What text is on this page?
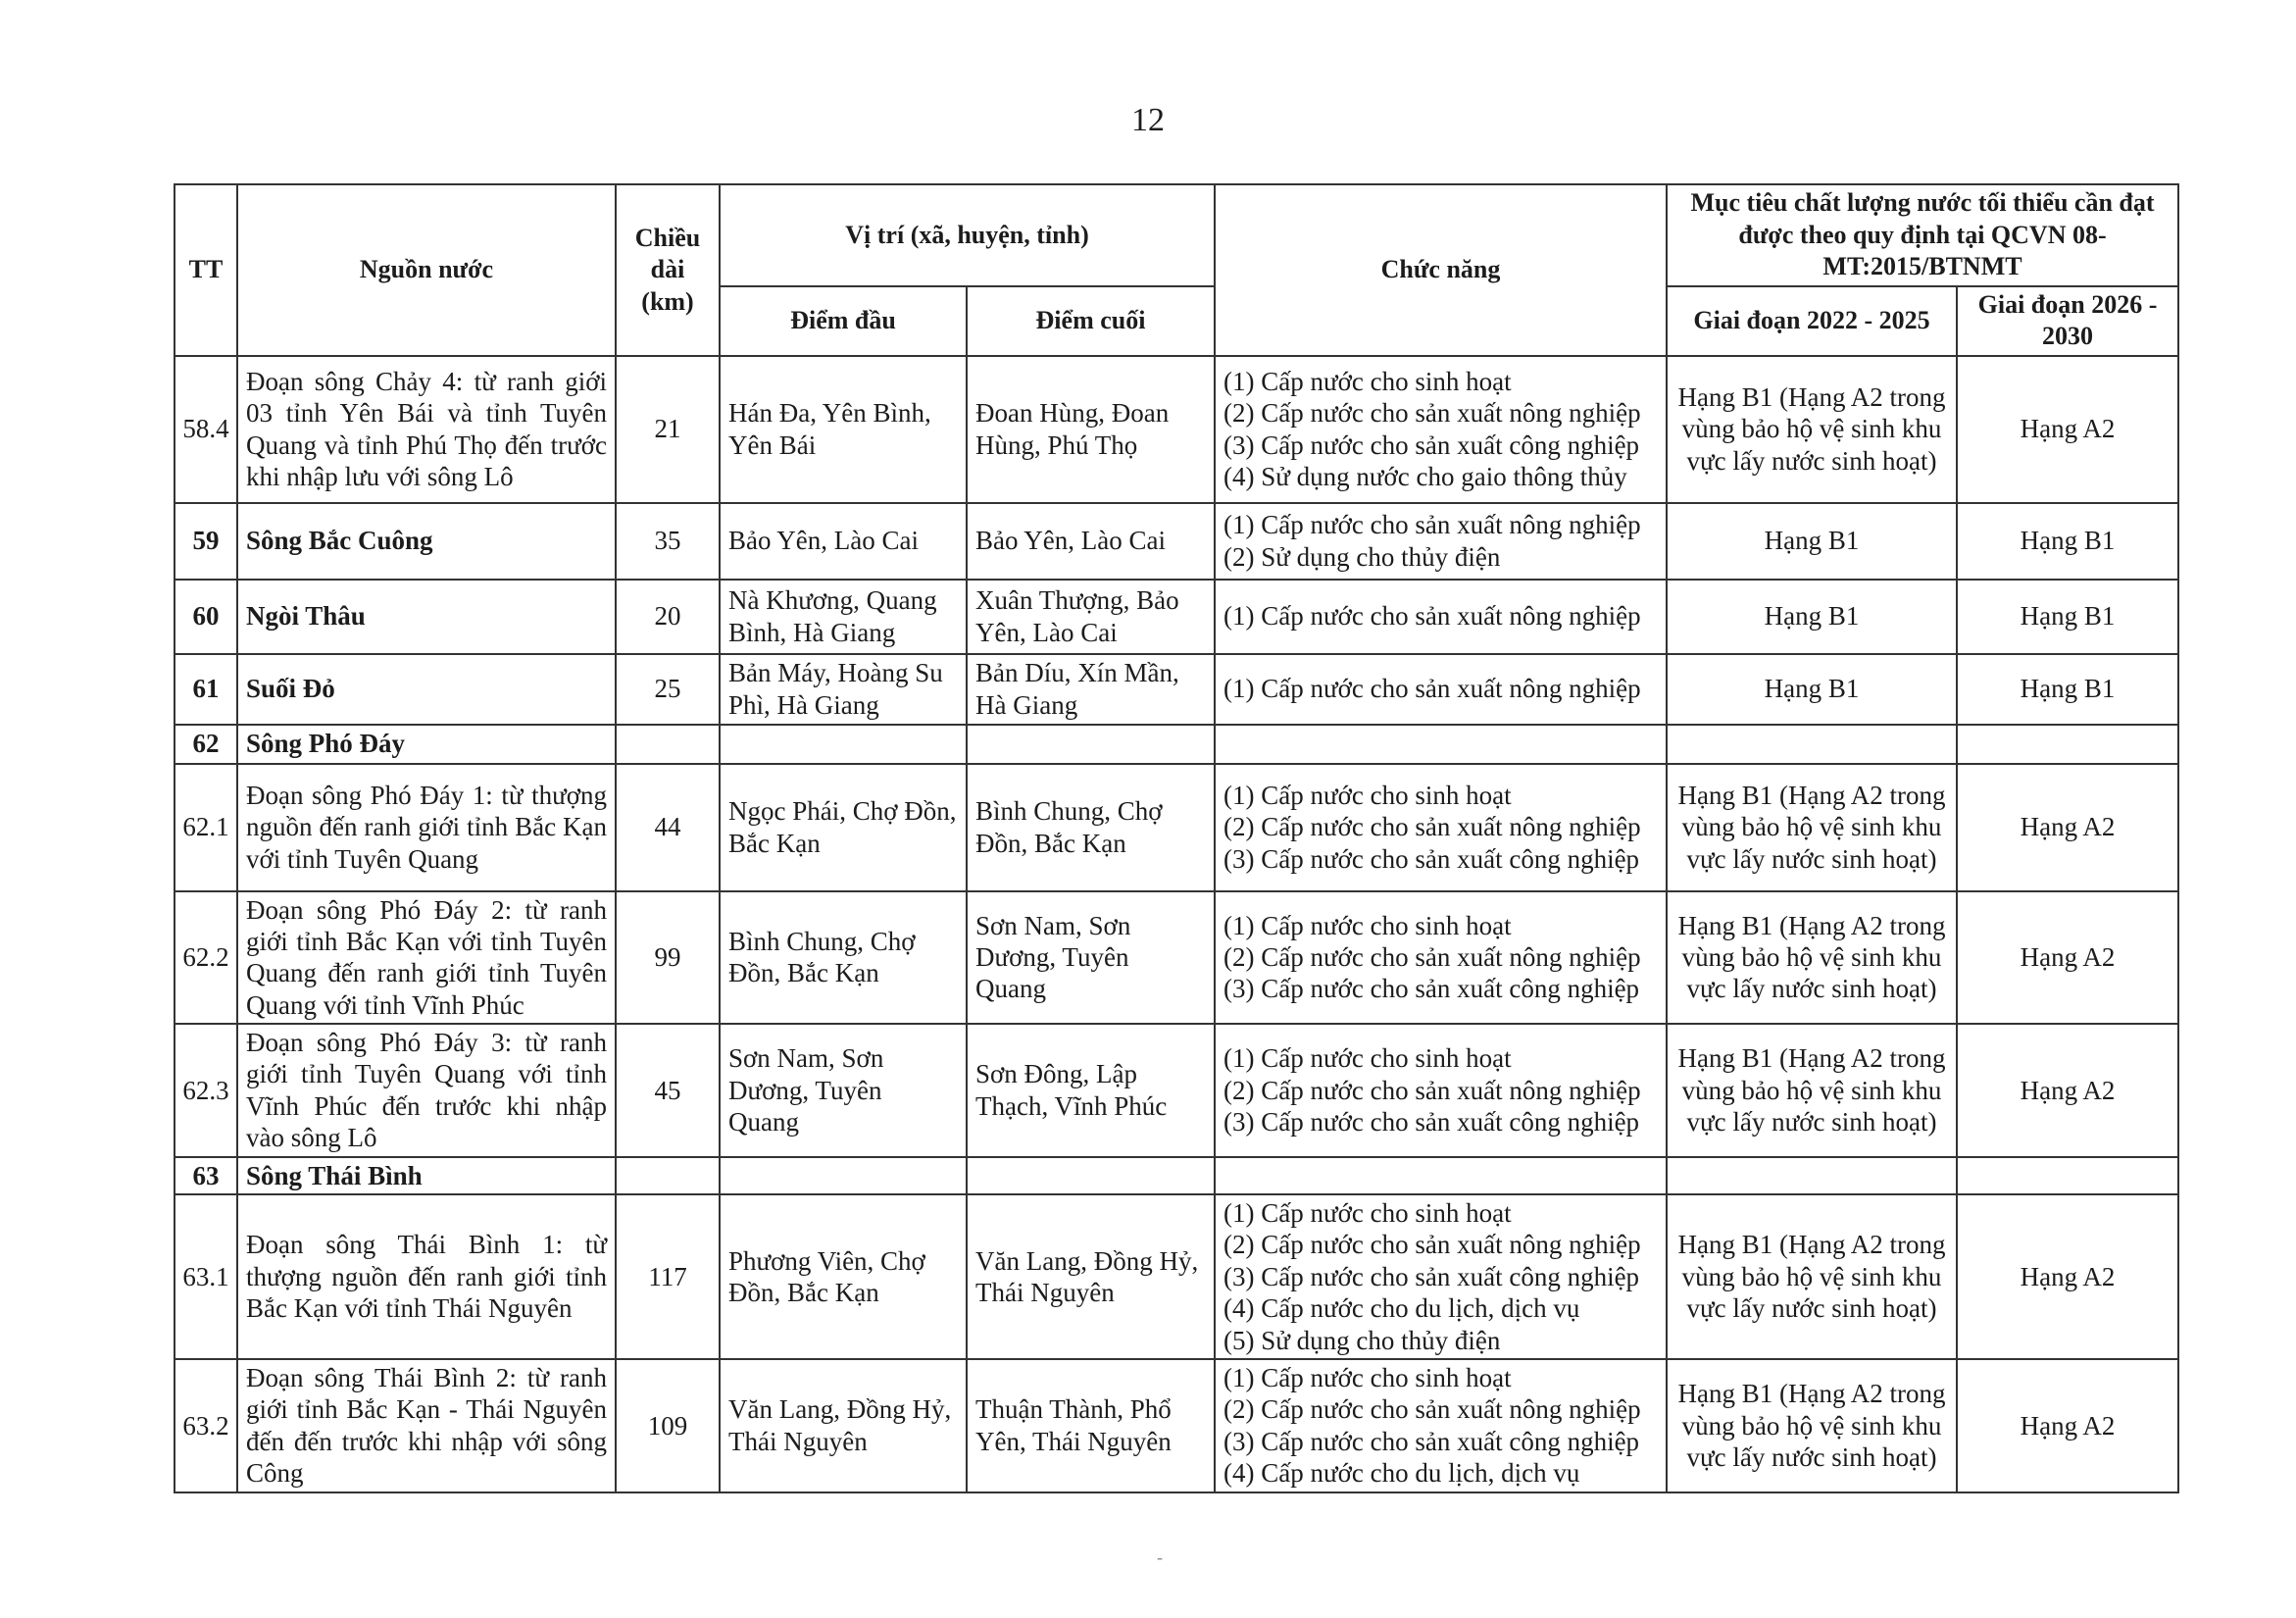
12
TT	Nguồn nước	Chiều dài (km)	Vị trí (xã, huyện, tỉnh)		Chức năng	Mục tiêu chất lượng nước tối thiểu cần đạt được theo quy định tại QCVN 08-MT:2015/BTNMT	
			Điểm đầu	Điểm cuối		Giai đoạn 2022 - 2025	Giai đoạn 2026 - 2030
58.4	Đoạn sông Chảy 4: từ ranh giới 03 tỉnh Yên Bái và tỉnh Tuyên Quang và tỉnh Phú Thọ đến trước khi nhập lưu với sông Lô	21	Hán Đa, Yên Bình, Yên Bái	Đoan Hùng, Đoan Hùng, Phú Thọ	(1) Cấp nước cho sinh hoạt
(2) Cấp nước cho sản xuất nông nghiệp
(3) Cấp nước cho sản xuất công nghiệp
(4) Sử dụng nước cho gaio thông thủy	Hạng B1 (Hạng A2 trong vùng bảo hộ vệ sinh khu vực lấy nước sinh hoạt)	Hạng A2
59	Sông Bắc Cuông	35	Bảo Yên, Lào Cai	Bảo Yên, Lào Cai	(1) Cấp nước cho sản xuất nông nghiệp
(2) Sử dụng cho thủy điện	Hạng B1	Hạng B1
60	Ngòi Thâu	20	Nà Khương, Quang Bình, Hà Giang	Xuân Thượng, Bảo Yên, Lào Cai	(1) Cấp nước cho sản xuất nông nghiệp	Hạng B1	Hạng B1
61	Suối Đỏ	25	Bản Máy, Hoàng Su Phì, Hà Giang	Bản Díu, Xín Mần, Hà Giang	(1) Cấp nước cho sản xuất nông nghiệp	Hạng B1	Hạng B1
62	Sông Phó Đáy						
62.1	Đoạn sông Phó Đáy 1: từ thượng nguồn đến ranh giới tỉnh Bắc Kạn với tỉnh Tuyên Quang	44	Ngọc Phái, Chợ Đồn, Bắc Kạn	Bình Chung, Chợ Đồn, Bắc Kạn	(1) Cấp nước cho sinh hoạt
(2) Cấp nước cho sản xuất nông nghiệp
(3) Cấp nước cho sản xuất công nghiệp	Hạng B1 (Hạng A2 trong vùng bảo hộ vệ sinh khu vực lấy nước sinh hoạt)	Hạng A2
62.2	Đoạn sông Phó Đáy 2: từ ranh giới tỉnh Bắc Kạn với tỉnh Tuyên Quang đến ranh giới tỉnh Tuyên Quang với tỉnh Vĩnh Phúc	99	Bình Chung, Chợ Đồn, Bắc Kạn	Sơn Nam, Sơn Dương, Tuyên Quang	(1) Cấp nước cho sinh hoạt
(2) Cấp nước cho sản xuất nông nghiệp
(3) Cấp nước cho sản xuất công nghiệp	Hạng B1 (Hạng A2 trong vùng bảo hộ vệ sinh khu vực lấy nước sinh hoạt)	Hạng A2
62.3	Đoạn sông Phó Đáy 3: từ ranh giới tỉnh Tuyên Quang với tỉnh Vĩnh Phúc đến trước khi nhập vào sông Lô	45	Sơn Nam, Sơn Dương, Tuyên Quang	Sơn Đông, Lập Thạch, Vĩnh Phúc	(1) Cấp nước cho sinh hoạt
(2) Cấp nước cho sản xuất nông nghiệp
(3) Cấp nước cho sản xuất công nghiệp	Hạng B1 (Hạng A2 trong vùng bảo hộ vệ sinh khu vực lấy nước sinh hoạt)	Hạng A2
63	Sông Thái Bình						
63.1	Đoạn sông Thái Bình 1: từ thượng nguồn đến ranh giới tỉnh Bắc Kạn với tỉnh Thái Nguyên	117	Phương Viên, Chợ Đồn, Bắc Kạn	Văn Lang, Đồng Hỷ, Thái Nguyên	(1) Cấp nước cho sinh hoạt
(2) Cấp nước cho sản xuất nông nghiệp
(3) Cấp nước cho sản xuất công nghiệp
(4) Cấp nước cho du lịch, dịch vụ
(5) Sử dụng cho thủy điện	Hạng B1 (Hạng A2 trong vùng bảo hộ vệ sinh khu vực lấy nước sinh hoạt)	Hạng A2
63.2	Đoạn sông Thái Bình 2: từ ranh giới tỉnh Bắc Kạn - Thái Nguyên đến đến trước khi nhập với sông Công	109	Văn Lang, Đồng Hỷ, Thái Nguyên	Thuận Thành, Phổ Yên, Thái Nguyên	(1) Cấp nước cho sinh hoạt
(2) Cấp nước cho sản xuất nông nghiệp
(3) Cấp nước cho sản xuất công nghiệp
(4) Cấp nước cho du lịch, dịch vụ	Hạng B1 (Hạng A2 trong vùng bảo hộ vệ sinh khu vực lấy nước sinh hoạt)	Hạng A2
-
